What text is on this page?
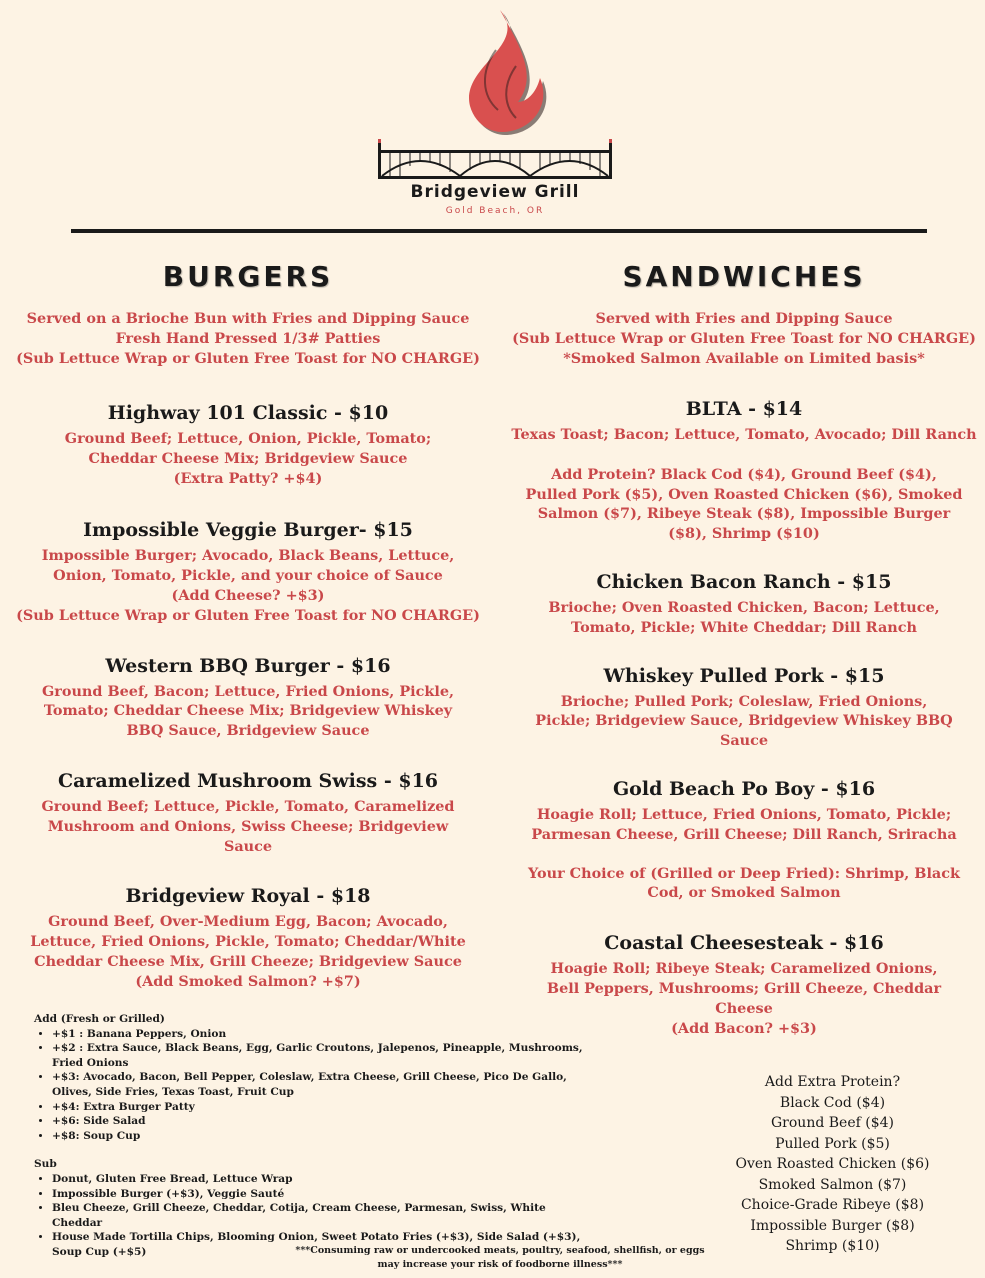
Bridgeview Grill
Gold Beach, OR
BURGERS
Served on a Brioche Bun with Fries and Dipping Sauce
Fresh Hand Pressed 1/3# Patties
(Sub Lettuce Wrap or Gluten Free Toast for NO CHARGE)
Highway 101 Classic - $10

Ground Beef; Lettuce, Onion, Pickle, Tomato; Cheddar Cheese Mix; Bridgeview Sauce

(Extra Patty? +$4)

Impossible Veggie Burger- $15

Impossible Burger; Avocado, Black Beans, Lettuce, Onion, Tomato, Pickle, and your choice of Sauce

(Add Cheese? +$3)

(Sub Lettuce Wrap or Gluten Free Toast for NO CHARGE)

Western BBQ Burger - $16

Ground Beef, Bacon; Lettuce, Fried Onions, Pickle, Tomato; Cheddar Cheese Mix; Bridgeview Whiskey BBQ Sauce, Bridgeview Sauce

Caramelized Mushroom Swiss - $16

Ground Beef; Lettuce, Pickle, Tomato, Caramelized Mushroom and Onions, Swiss Cheese; Bridgeview Sauce

Bridgeview Royal - $18

Ground Beef, Over-Medium Egg, Bacon; Avocado, Lettuce, Fried Onions, Pickle, Tomato; Cheddar/White Cheddar Cheese Mix, Grill Cheeze; Bridgeview Sauce

(Add Smoked Salmon? +$7)

SANDWICHES
Served with Fries and Dipping Sauce
(Sub Lettuce Wrap or Gluten Free Toast for NO CHARGE)
*Smoked Salmon Available on Limited basis*
BLTA - $14

Texas Toast; Bacon; Lettuce, Tomato, Avocado; Dill Ranch

Add Protein? Black Cod ($4), Ground Beef ($4), Pulled Pork ($5), Oven Roasted Chicken ($6), Smoked Salmon ($7), Ribeye Steak ($8), Impossible Burger ($8), Shrimp ($10)

Chicken Bacon Ranch - $15

Brioche; Oven Roasted Chicken, Bacon; Lettuce, Tomato, Pickle; White Cheddar; Dill Ranch

Whiskey Pulled Pork - $15

Brioche; Pulled Pork; Coleslaw, Fried Onions, Pickle; Bridgeview Sauce, Bridgeview Whiskey BBQ Sauce

Gold Beach Po Boy - $16

Hoagie Roll; Lettuce, Fried Onions, Tomato, Pickle; Parmesan Cheese, Grill Cheese; Dill Ranch, Sriracha

Your Choice of (Grilled or Deep Fried): Shrimp, Black Cod, or Smoked Salmon

Coastal Cheesesteak - $16

Hoagie Roll; Ribeye Steak; Caramelized Onions, Bell Peppers, Mushrooms; Grill Cheeze, Cheddar Cheese

(Add Bacon? +$3)

Add (Fresh or Grilled)
• +$1 : Banana Peppers, Onion
• +$2 : Extra Sauce, Black Beans, Egg, Garlic Croutons, Jalepenos, Pineapple, Mushrooms, Fried Onions
• +$3: Avocado, Bacon, Bell Pepper, Coleslaw, Extra Cheese, Grill Cheese, Pico De Gallo, Olives, Side Fries, Texas Toast, Fruit Cup
• +$4: Extra Burger Patty
• +$6: Side Salad
• +$8: Soup Cup
Sub
• Donut, Gluten Free Bread, Lettuce Wrap
• Impossible Burger (+$3), Veggie Sauté
• Bleu Cheeze, Grill Cheeze, Cheddar, Cotija, Cream Cheese, Parmesan, Swiss, White Cheddar
• House Made Tortilla Chips, Blooming Onion, Sweet Potato Fries (+$3), Side Salad (+$3), Soup Cup (+$5)
Add Extra Protein?
Black Cod ($4)
Ground Beef ($4)
Pulled Pork ($5)
Oven Roasted Chicken ($6)
Smoked Salmon ($7)
Choice-Grade Ribeye ($8)
Impossible Burger ($8)
Shrimp ($10)
***Consuming raw or undercooked meats, poultry, seafood, shellfish, or eggs may increase your risk of foodborne illness***
